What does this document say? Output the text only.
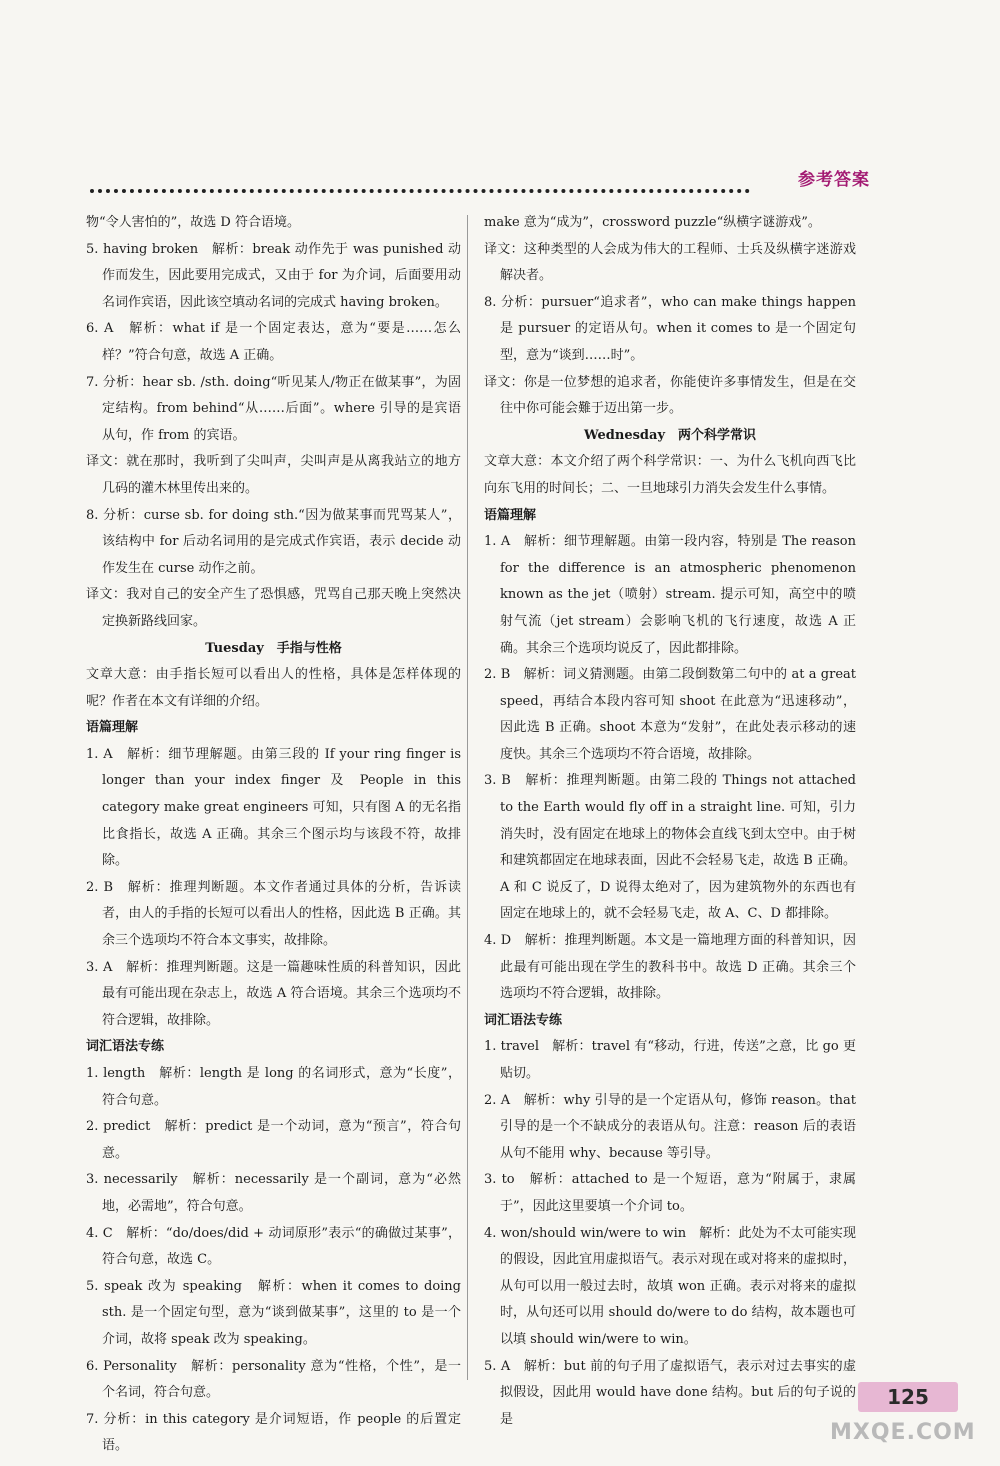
参考答案

物“令人害怕的”，故选 D 符合语境。

5. having broken　解析：break 动作先于 was punished 动作而发生，因此要用完成式，又由于 for 为介词，后面要用动名词作宾语，因此该空填动名词的完成式 having broken。

6. A　解析：what if 是一个固定表达，意为“要是……怎么样？”符合句意，故选 A 正确。

7. 分析：hear sb. /sth. doing“听见某人/物正在做某事”，为固定结构。from behind“从……后面”。where 引导的是宾语从句，作 from 的宾语。

译文：就在那时，我听到了尖叫声，尖叫声是从离我站立的地方几码的灌木林里传出来的。

8. 分析：curse sb. for doing sth.“因为做某事而咒骂某人”，该结构中 for 后动名词用的是完成式作宾语，表示 decide 动作发生在 curse 动作之前。

译文：我对自己的安全产生了恐惧感，咒骂自己那天晚上突然决定换新路线回家。

Tuesday　手指与性格

文章大意：由手指长短可以看出人的性格，具体是怎样体现的呢？作者在本文有详细的介绍。

语篇理解

1. A　解析：细节理解题。由第三段的 If your ring finger is longer than your index finger 及 People in this category make great engineers 可知，只有图 A 的无名指比食指长，故选 A 正确。其余三个图示均与该段不符，故排除。

2. B　解析：推理判断题。本文作者通过具体的分析，告诉读者，由人的手指的长短可以看出人的性格，因此选 B 正确。其余三个选项均不符合本文事实，故排除。

3. A　解析：推理判断题。这是一篇趣味性质的科普知识，因此最有可能出现在杂志上，故选 A 符合语境。其余三个选项均不符合逻辑，故排除。

词汇语法专练

1. length　解析：length 是 long 的名词形式，意为“长度”，符合句意。

2. predict　解析：predict 是一个动词，意为“预言”，符合句意。

3. necessarily　解析：necessarily 是一个副词，意为“必然地，必需地”，符合句意。

4. C　解析：“do/does/did + 动词原形”表示“的确做过某事”，符合句意，故选 C。

5. speak 改为 speaking　解析：when it comes to doing sth. 是一个固定句型，意为“谈到做某事”，这里的 to 是一个介词，故将 speak 改为 speaking。

6. Personality　解析：personality 意为“性格，个性”，是一个名词，符合句意。

7. 分析：in this category 是介词短语，作 people 的后置定语。

make 意为“成为”，crossword puzzle“纵横字谜游戏”。

译文：这种类型的人会成为伟大的工程师、士兵及纵横字迷游戏解决者。

8. 分析：pursuer“追求者”，who can make things happen 是 pursuer 的定语从句。when it comes to 是一个固定句型，意为“谈到……时”。

译文：你是一位梦想的追求者，你能使许多事情发生，但是在交往中你可能会難于迈出第一步。

Wednesday　两个科学常识

文章大意：本文介绍了两个科学常识：一、为什么飞机向西飞比向东飞用的时间长；二、一旦地球引力消失会发生什么事情。

语篇理解

1. A　解析：细节理解题。由第一段内容，特别是 The reason for the difference is an atmospheric phenomenon known as the jet（喷射）stream. 提示可知，高空中的喷射气流（jet stream）会影响飞机的飞行速度，故选 A 正确。其余三个选项均说反了，因此都排除。

2. B　解析：词义猜测题。由第二段倒数第二句中的 at a great speed，再结合本段内容可知 shoot 在此意为“迅速移动”，因此选 B 正确。shoot 本意为“发射”，在此处表示移动的速度快。其余三个选项均不符合语境，故排除。

3. B　解析：推理判断题。由第二段的 Things not attached to the Earth would fly off in a straight line. 可知，引力消失时，没有固定在地球上的物体会直线飞到太空中。由于树和建筑都固定在地球表面，因此不会轻易飞走，故选 B 正确。A 和 C 说反了，D 说得太绝对了，因为建筑物外的东西也有固定在地球上的，就不会轻易飞走，故 A、C、D 都排除。

4. D　解析：推理判断题。本文是一篇地理方面的科普知识，因此最有可能出现在学生的教科书中。故选 D 正确。其余三个选项均不符合逻辑，故排除。

词汇语法专练

1. travel　解析：travel 有“移动，行进，传送”之意，比 go 更贴切。

2. A　解析：why 引导的是一个定语从句，修饰 reason。that 引导的是一个不缺成分的表语从句。注意：reason 后的表语从句不能用 why、because 等引导。

3. to　解析：attached to 是一个短语，意为“附属于，隶属于”，因此这里要填一个介词 to。

4. won/should win/were to win　解析：此处为不太可能实现的假设，因此宜用虚拟语气。表示对现在或对将来的虚拟时，从句可以用一般过去时，故填 won 正确。表示对将来的虚拟时，从句还可以用 should do/were to do 结构，故本题也可以填 should win/were to win。

5. A　解析：but 前的句子用了虚拟语气，表示对过去事实的虚拟假设，因此用 would have done 结构。but 后的句子说的是

125
MXQE.COM
